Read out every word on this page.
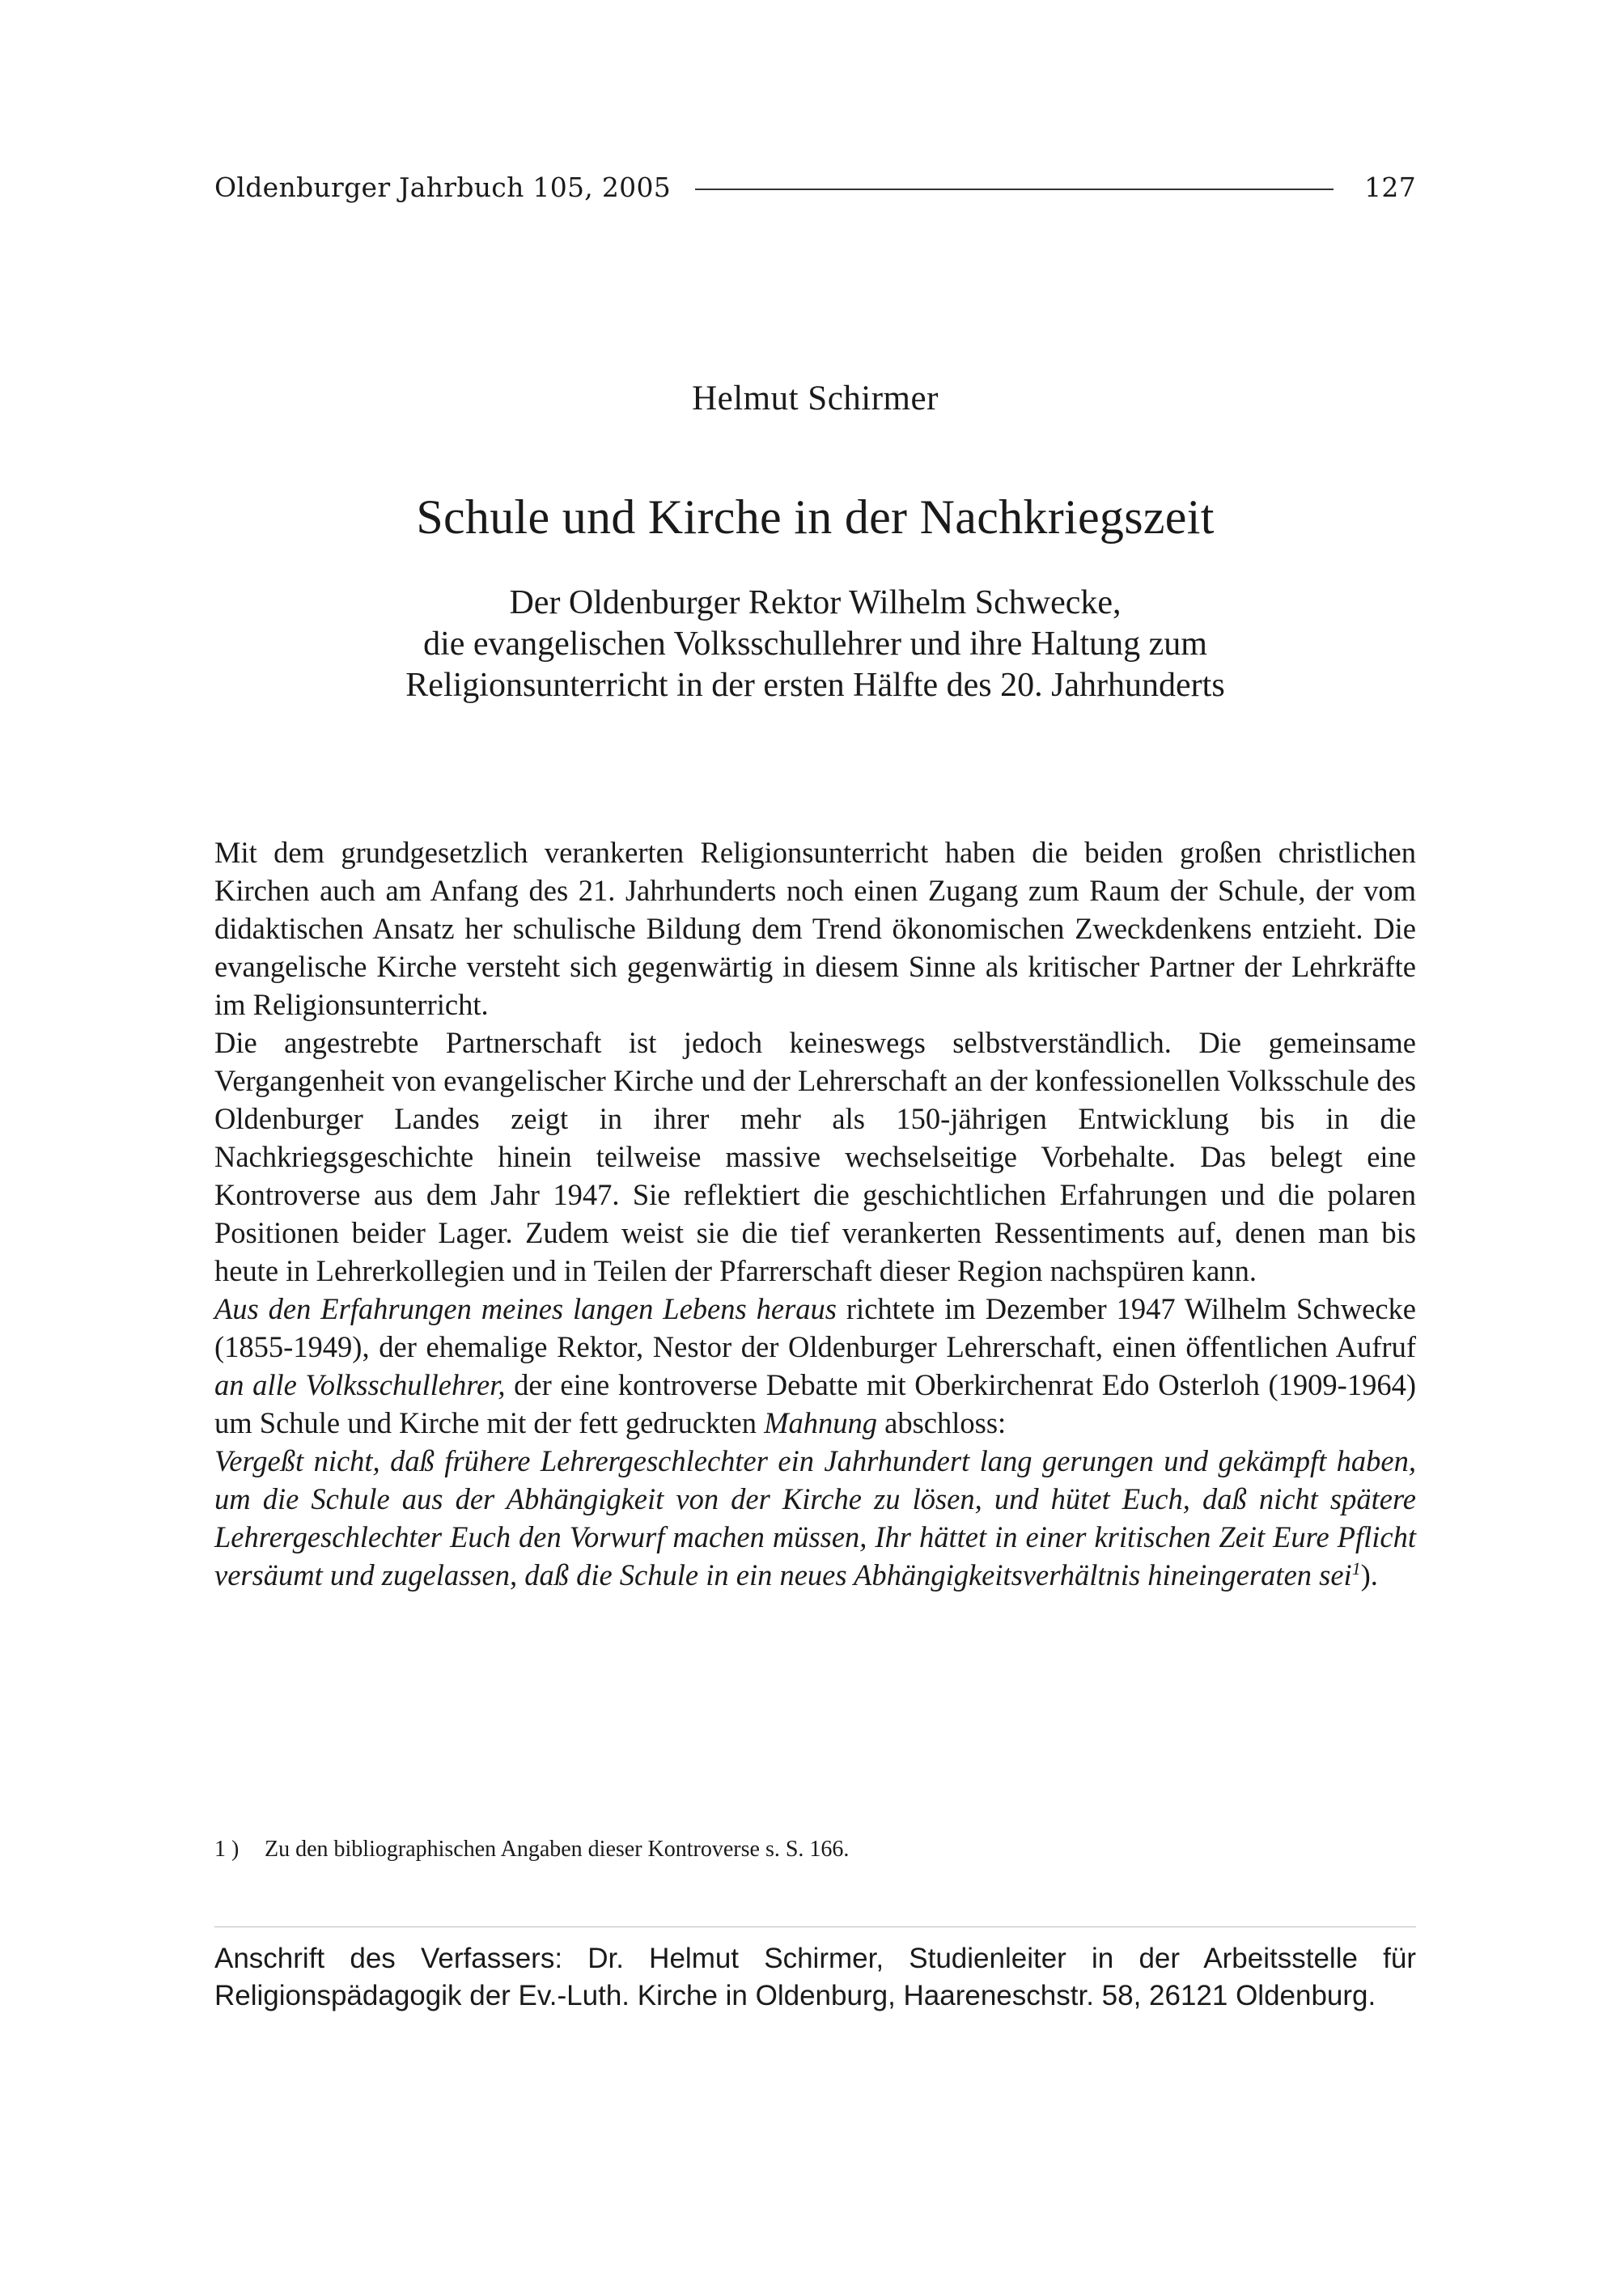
Oldenburger Jahrbuch 105, 2005	127
Helmut Schirmer
Schule und Kirche in der Nachkriegszeit
Der Oldenburger Rektor Wilhelm Schwecke,
die evangelischen Volksschullehrer und ihre Haltung zum
Religionsunterricht in der ersten Hälfte des 20. Jahrhunderts

Mit dem grundgesetzlich verankerten Religionsunterricht haben die beiden großen christlichen Kirchen auch am Anfang des 21. Jahrhunderts noch einen Zugang zum Raum der Schule, der vom didaktischen Ansatz her schulische Bildung dem Trend ökonomischen Zweckdenkens entzieht. Die evangelische Kirche versteht sich gegenwärtig in diesem Sinne als kritischer Partner der Lehrkräfte im Religionsunterricht.

Die angestrebte Partnerschaft ist jedoch keineswegs selbstverständlich. Die gemeinsame Vergangenheit von evangelischer Kirche und der Lehrerschaft an der konfessionellen Volksschule des Oldenburger Landes zeigt in ihrer mehr als 150-jährigen Entwicklung bis in die Nachkriegsgeschichte hinein teilweise massive wechselseitige Vorbehalte. Das belegt eine Kontroverse aus dem Jahr 1947. Sie reflektiert die geschichtlichen Erfahrungen und die polaren Positionen beider Lager. Zudem weist sie die tief verankerten Ressentiments auf, denen man bis heute in Lehrerkollegien und in Teilen der Pfarrerschaft dieser Region nachspüren kann.

Aus den Erfahrungen meines langen Lebens heraus richtete im Dezember 1947 Wilhelm Schwecke (1855-1949), der ehemalige Rektor, Nestor der Oldenburger Lehrerschaft, einen öffentlichen Aufruf an alle Volksschullehrer, der eine kontroverse Debatte mit Oberkirchenrat Edo Osterloh (1909-1964) um Schule und Kirche mit der fett gedruckten Mahnung abschloss:

Vergeßt nicht, daß frühere Lehrergeschlechter ein Jahrhundert lang gerungen und gekämpft haben, um die Schule aus der Abhängigkeit von der Kirche zu lösen, und hütet Euch, daß nicht spätere Lehrergeschlechter Euch den Vorwurf machen müssen, Ihr hättet in einer kritischen Zeit Eure Pflicht versäumt und zugelassen, daß die Schule in ein neues Abhängigkeitsverhältnis hineingeraten sei$^1$).

1 )	Zu den bibliographischen Angaben dieser Kontroverse s. S. 166.
Anschrift des Verfassers: Dr. Helmut Schirmer, Studienleiter in der Arbeitsstelle für Religionspädagogik der Ev.-Luth. Kirche in Oldenburg, Haareneschstr. 58, 26121 Oldenburg.
